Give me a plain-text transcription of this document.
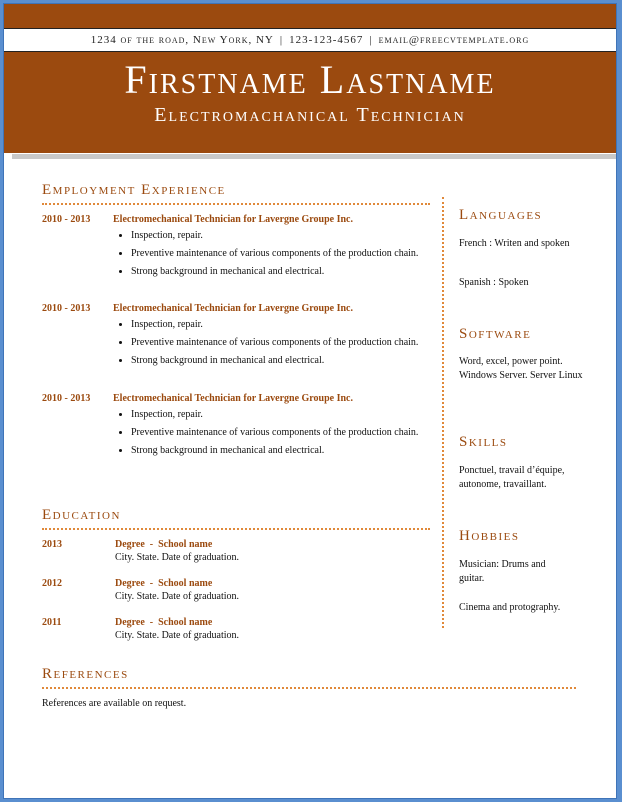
1234 of the road, New York, NY | 123-123-4567 | email@freecvtemplate.org
Firstname Lastname
Electromachanical Technician
Employment Experience
2010 - 2013 Electromechanical Technician for Lavergne Groupe Inc.
• Inspection, repair.
• Preventive maintenance of various components of the production chain.
• Strong background in mechanical and electrical.
2010 - 2013 Electromechanical Technician for Lavergne Groupe Inc.
• Inspection, repair.
• Preventive maintenance of various components of the production chain.
• Strong background in mechanical and electrical.
2010 - 2013 Electromechanical Technician for Lavergne Groupe Inc.
• Inspection, repair.
• Preventive maintenance of various components of the production chain.
• Strong background in mechanical and electrical.
Education
2013	Degree  -  School name
City. State. Date of graduation.
2012	Degree  -  School name
City. State. Date of graduation.
2011	Degree  -  School name
City. State. Date of graduation.
Languages
French : Writen and spoken
Spanish : Spoken
Software
Word, excel, power point. Windows Server. Server Linux
Skills
Ponctuel, travail d’équipe, autonome, travaillant.
Hobbies
Musician: Drums and guitar.
Cinema and protography.
References
References are available on request.
